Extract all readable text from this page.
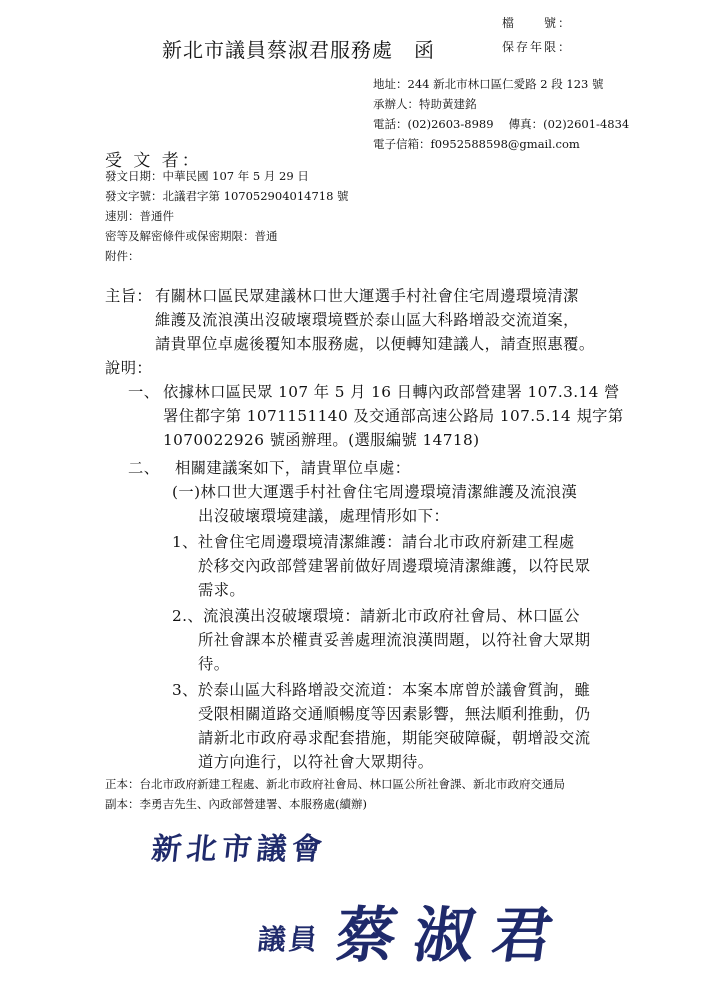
檔　　號：
保存年限：
新北市議員蔡淑君服務處　函
地址：244 新北市林口區仁愛路 2 段 123 號
承辦人：特助黃建銘
電話：(02)2603-8989　 傳真：(02)2601-4834
電子信箱：f0952588598@gmail.com
受 文 者：
發文日期：中華民國 107 年 5 月 29 日
發文字號：北議君字第 107052904014718 號
速別：普通件
密等及解密條件或保密期限：普通
附件：
主旨： 有關林口區民眾建議林口世大運選手村社會住宅周邊環境清潔
維護及流浪漢出沒破壞環境暨於泰山區大科路增設交流道案，
請貴單位卓處後覆知本服務處，以便轉知建議人，請查照惠覆。
說明：
一、 依據林口區民眾 107 年 5 月 16 日轉內政部營建署 107.3.14 營
署住都字第 1071151140 及交通部高速公路局 107.5.14 規字第
1070022926 號函辦理。(選服編號 14718)
二、 相關建議案如下，請貴單位卓處：
(一)林口世大運選手村社會住宅周邊環境清潔維護及流浪漢
出沒破壞環境建議，處理情形如下：
1、社會住宅周邊環境清潔維護：請台北市政府新建工程處
於移交內政部營建署前做好周邊環境清潔維護，以符民眾
需求。
2.、流浪漢出沒破壞環境：請新北市政府社會局、林口區公
所社會課本於權責妥善處理流浪漢問題，以符社會大眾期
待。
3、於泰山區大科路增設交流道：本案本席曾於議會質詢，雖
受限相關道路交通順暢度等因素影響，無法順利推動，仍
請新北市政府尋求配套措施，期能突破障礙，朝增設交流
道方向進行，以符社會大眾期待。
正本：台北市政府新建工程處、新北市政府社會局、林口區公所社會課、新北市政府交通局
副本：李勇吉先生、內政部營建署、本服務處(續辦)
新北市議會
議員 蔡淑君
